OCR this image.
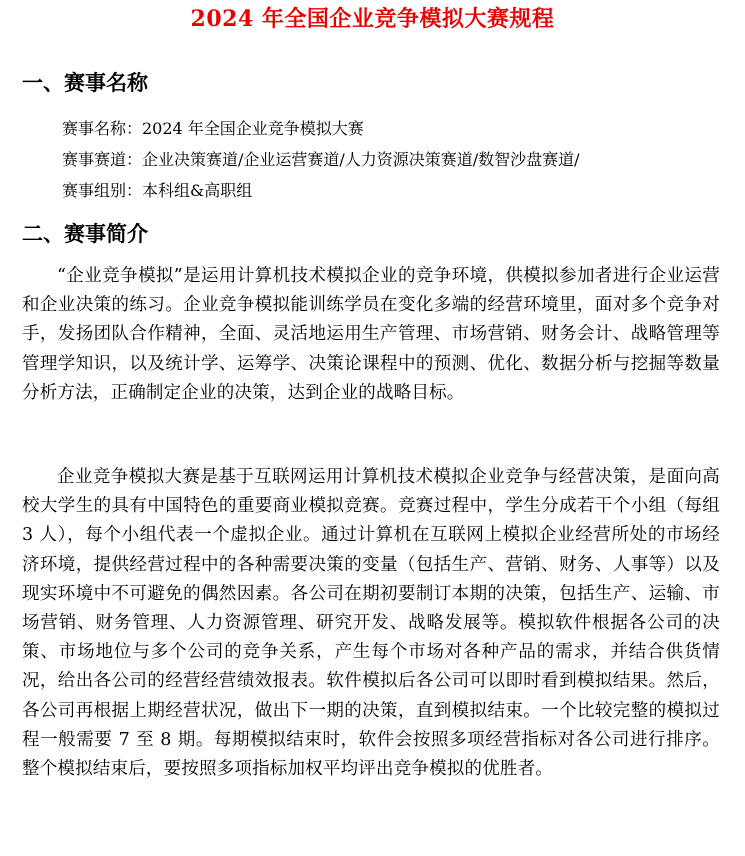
2024 年全国企业竞争模拟大赛规程
一、赛事名称
赛事名称：2024 年全国企业竞争模拟大赛
赛事赛道：企业决策赛道/企业运营赛道/人力资源决策赛道/数智沙盘赛道/
赛事组别：本科组&高职组
二、赛事简介
“企业竞争模拟”是运用计算机技术模拟企业的竞争环境，供模拟参加者进行企业运营和企业决策的练习。企业竞争模拟能训练学员在变化多端的经营环境里，面对多个竞争对手，发扬团队合作精神，全面、灵活地运用生产管理、市场营销、财务会计、战略管理等管理学知识，以及统计学、运筹学、决策论课程中的预测、优化、数据分析与挖掘等数量分析方法，正确制定企业的决策，达到企业的战略目标。
企业竞争模拟大赛是基于互联网运用计算机技术模拟企业竞争与经营决策，是面向高校大学生的具有中国特色的重要商业模拟竞赛。竞赛过程中，学生分成若干个小组（每组 3 人），每个小组代表一个虚拟企业。通过计算机在互联网上模拟企业经营所处的市场经济环境，提供经营过程中的各种需要决策的变量（包括生产、营销、财务、人事等）以及现实环境中不可避免的偶然因素。各公司在期初要制订本期的决策，包括生产、运输、市场营销、财务管理、人力资源管理、研究开发、战略发展等。模拟软件根据各公司的决策、市场地位与多个公司的竞争关系，产生每个市场对各种产品的需求，并结合供货情况，给出各公司的经营经营绩效报表。软件模拟后各公司可以即时看到模拟结果。然后，各公司再根据上期经营状况，做出下一期的决策，直到模拟结束。一个比较完整的模拟过程一般需要 7 至 8 期。每期模拟结束时，软件会按照多项经营指标对各公司进行排序。整个模拟结束后，要按照多项指标加权平均评出竞争模拟的优胜者。
